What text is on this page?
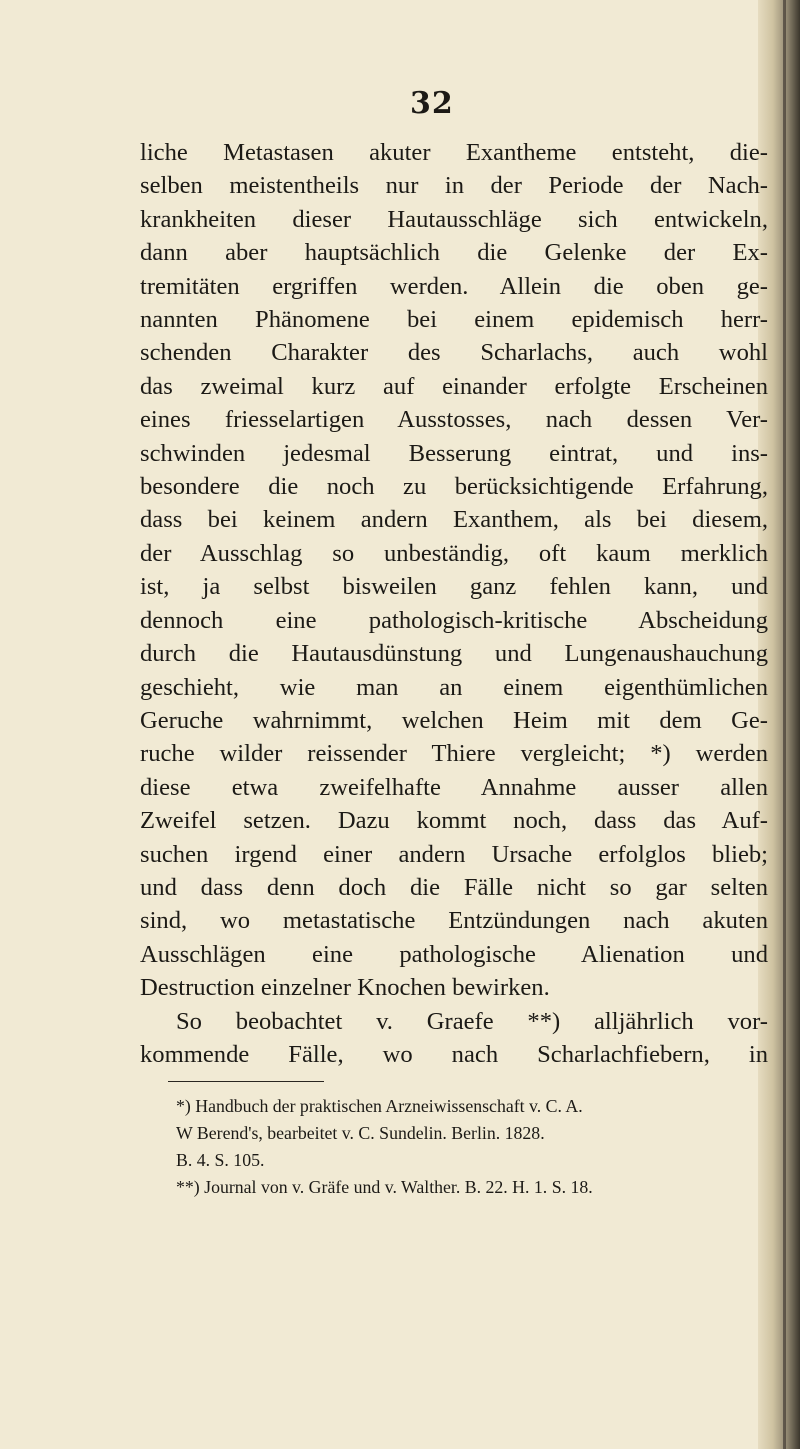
32
liche Metastasen akuter Exantheme entsteht, die-
selben meistentheils nur in der Periode der Nach-
krankheiten dieser Hautausschläge sich entwickeln,
dann aber hauptsächlich die Gelenke der Ex-
tremitäten ergriffen werden. Allein die oben ge-
nannten Phänomene bei einem epidemisch herr-
schenden Charakter des Scharlachs, auch wohl
das zweimal kurz auf einander erfolgte Erscheinen
eines friesselartigen Ausstosses, nach dessen Ver-
schwinden jedesmal Besserung eintrat, und ins-
besondere die noch zu berücksichtigende Erfahrung,
dass bei keinem andern Exanthem, als bei diesem,
der Ausschlag so unbeständig, oft kaum merklich
ist, ja selbst bisweilen ganz fehlen kann, und
dennoch eine pathologisch-kritische Abscheidung
durch die Hautausdünstung und Lungenaushauchung
geschieht, wie man an einem eigenthümlichen
Geruche wahrnimmt, welchen Heim mit dem Ge-
ruche wilder reissender Thiere vergleicht; *) werden
diese etwa zweifelhafte Annahme ausser allen
Zweifel setzen. Dazu kommt noch, dass das Auf-
suchen irgend einer andern Ursache erfolglos blieb;
und dass denn doch die Fälle nicht so gar selten
sind, wo metastatische Entzündungen nach akuten
Ausschlägen eine pathologische Alienation und
Destruction einzelner Knochen bewirken.
So beobachtet v. Graefe **) alljährlich vor-
kommende Fälle, wo nach Scharlachfiebern, in
*) Handbuch der praktischen Arzneiwissenschaft v. C. A.
W Berend's, bearbeitet v. C. Sundelin. Berlin. 1828.
B. 4. S. 105.
**) Journal von v. Gräfe und v. Walther. B. 22. H. 1. S. 18.
